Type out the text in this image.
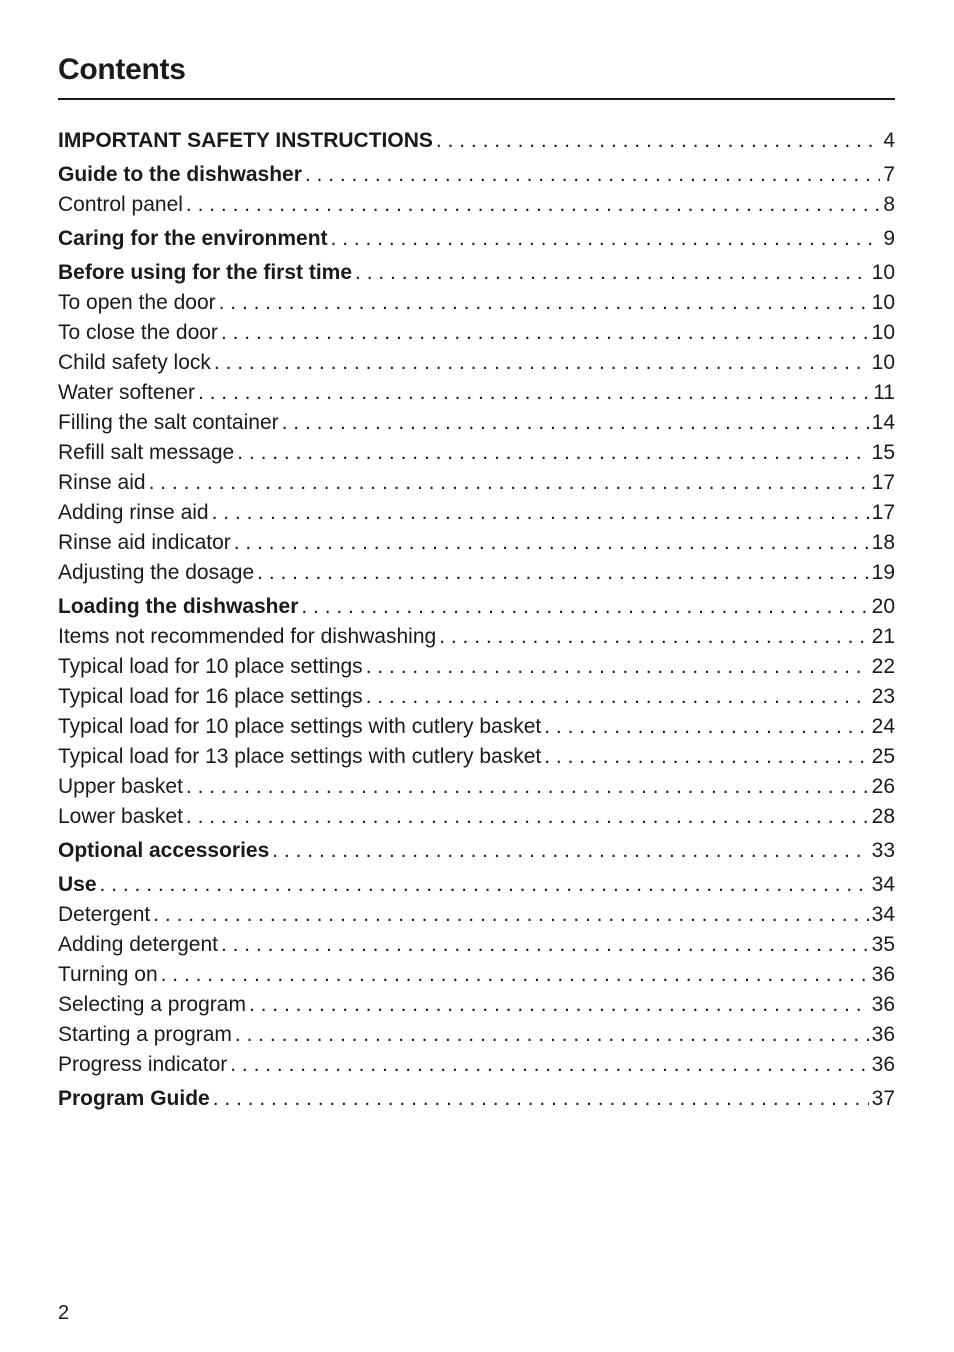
Contents
IMPORTANT SAFETY INSTRUCTIONS . . .	4
Guide to the dishwasher . . .	7
Control panel . . .	8
Caring for the environment . . .	9
Before using for the first time . . .	10
To open the door . . .	10
To close the door . . .	10
Child safety lock . . .	10
Water softener . . .	11
Filling the salt container . . .	14
Refill salt message . . .	15
Rinse aid . . .	17
Adding rinse aid . . .	17
Rinse aid indicator . . .	18
Adjusting the dosage . . .	19
Loading the dishwasher . . .	20
Items not recommended for dishwashing . . .	21
Typical load for 10 place settings . . .	22
Typical load for 16 place settings . . .	23
Typical load for 10 place settings with cutlery basket . . .	24
Typical load for 13 place settings with cutlery basket . . .	25
Upper basket . . .	26
Lower basket . . .	28
Optional accessories . . .	33
Use . . .	34
Detergent . . .	34
Adding detergent . . .	35
Turning on . . .	36
Selecting a program . . .	36
Starting a program . . .	36
Progress indicator . . .	36
Program Guide . . .	37
2
